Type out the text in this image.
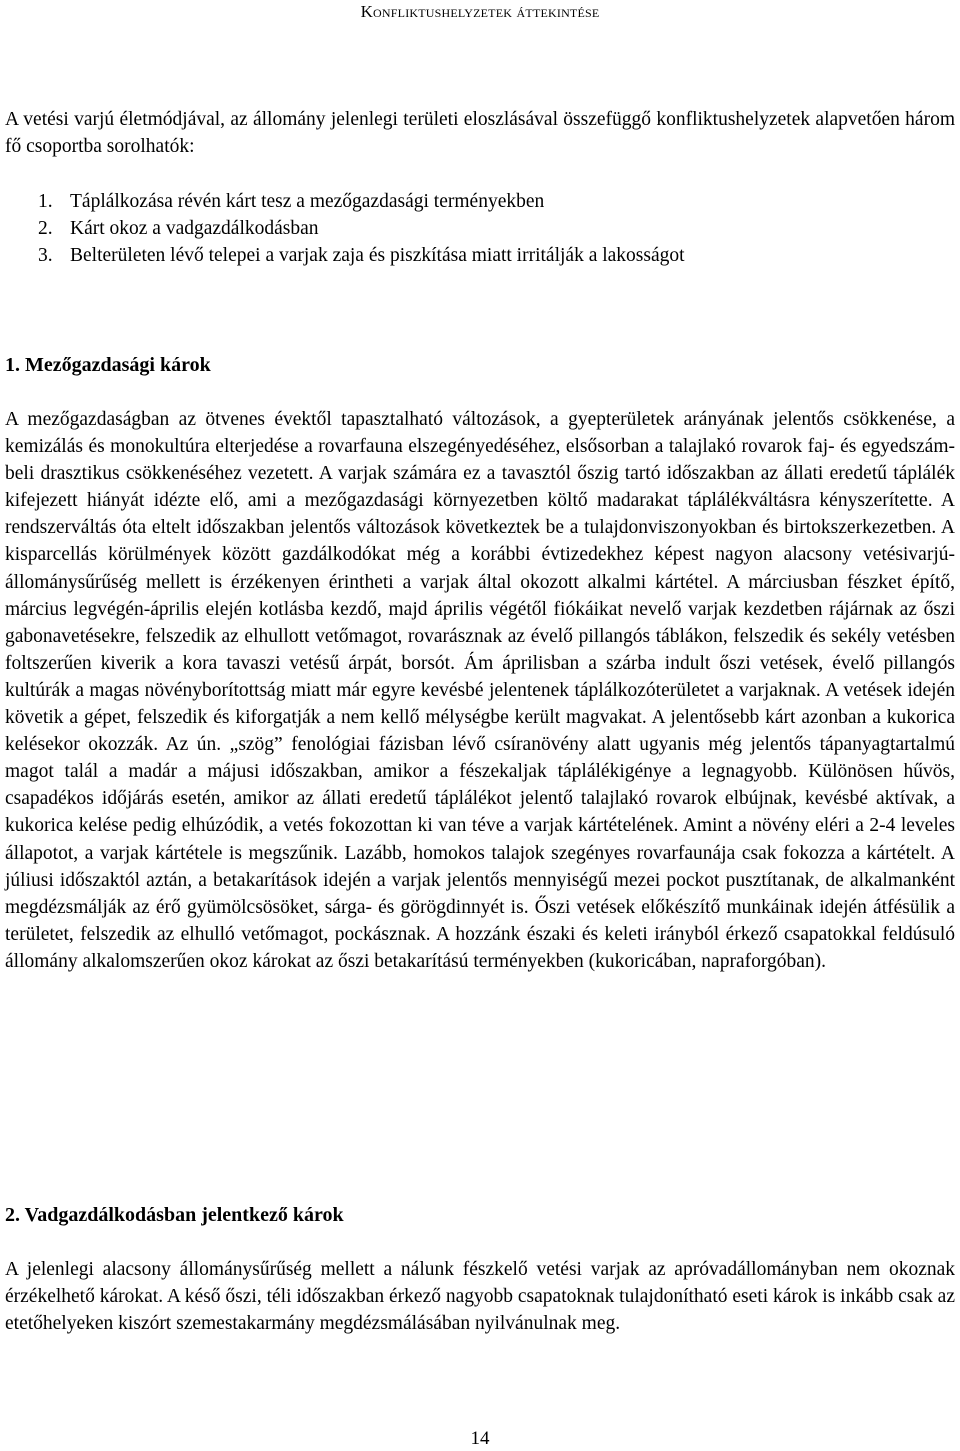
Konfliktushelyzetek áttekintése

A vetési varjú életmódjával, az állomány jelenlegi területi eloszlásával összefüggő konfliktushelyzetek alapvetően három fő csoportba sorolhatók:

1. Táplálkozása révén kárt tesz a mezőgazdasági terményekben
2. Kárt okoz a vadgazdálkodásban
3. Belterületen lévő telepei a varjak zaja és piszkítása miatt irritálják a lakosságot
1. Mezőgazdasági károk

A mezőgazdaságban az ötvenes évektől tapasztalható változások, a gyepterületek arányának jelentős csökkenése, a kemizálás és monokultúra elterjedése a rovarfauna elszegényedéséhez, elsősorban a talajlakó rovarok faj- és egyedszám-beli drasztikus csökkenéséhez vezetett. A varjak számára ez a tavasztól őszig tartó időszakban az állati eredetű táplálék kifejezett hiányát idézte elő, ami a mezőgazdasági környezetben költő madarakat táplálékváltásra kényszerítette. A rendszerváltás óta eltelt időszakban jelentős változások következtek be a tulajdonviszonyokban és birtokszerkezetben. A kisparcellás körülmények között gazdálkodókat még a korábbi évtizedekhez képest nagyon alacsony vetésivarjú-állománysűrűség mellett is érzékenyen érintheti a varjak által okozott alkalmi kártétel. A márciusban fészket építő, március legvégén-április elején kotlásba kezdő, majd április végétől fiókáikat nevelő varjak kezdetben rájárnak az őszi gabonavetésekre, felszedik az elhullott vetőmagot, rovarásznak az évelő pillangós táblákon, felszedik és sekély vetésben foltszerűen kiverik a kora tavaszi vetésű árpát, borsót. Ám áprilisban a szárba indult őszi vetések, évelő pillangós kultúrák a magas növényborítottság miatt már egyre kevésbé jelentenek táplálkozóterületet a varjaknak. A vetések idején követik a gépet, felszedik és kiforgatják a nem kellő mélységbe került magvakat. A jelentősebb kárt azonban a kukorica kelésekor okozzák. Az ún. „szög” fenológiai fázisban lévő csíranövény alatt ugyanis még jelentős tápanyagtartalmú magot talál a madár a májusi időszakban, amikor a fészekaljak táplálékigénye a legnagyobb. Különösen hűvös, csapadékos időjárás esetén, amikor az állati eredetű táplálékot jelentő talajlakó rovarok elbújnak, kevésbé aktívak, a kukorica kelése pedig elhúzódik, a vetés fokozottan ki van téve a varjak kártételének. Amint a növény eléri a 2-4 leveles állapotot, a varjak kártétele is megszűnik. Lazább, homokos talajok szegényes rovarfaunája csak fokozza a kártételt. A júliusi időszaktól aztán, a betakarítások idején a varjak jelentős mennyiségű mezei pockot pusztítanak, de alkalmanként megdézsmálják az érő gyümölcsösöket, sárga- és görögdinnyét is. Őszi vetések előkészítő munkáinak idején átfésülik a területet, felszedik az elhulló vetőmagot, pockásznak. A hozzánk északi és keleti irányból érkező csapatokkal feldúsuló állomány alkalomszerűen okoz károkat az őszi betakarítású terményekben (kukoricában, napraforgóban).

2. Vadgazdálkodásban jelentkező károk

A jelenlegi alacsony állománysűrűség mellett a nálunk fészkelő vetési varjak az apróvadállományban nem okoznak érzékelhető károkat. A késő őszi, téli időszakban érkező nagyobb csapatoknak tulajdonítható eseti károk is inkább csak az etetőhelyeken kiszórt szemestakarmány megdézsmálásában nyilvánulnak meg.

14
